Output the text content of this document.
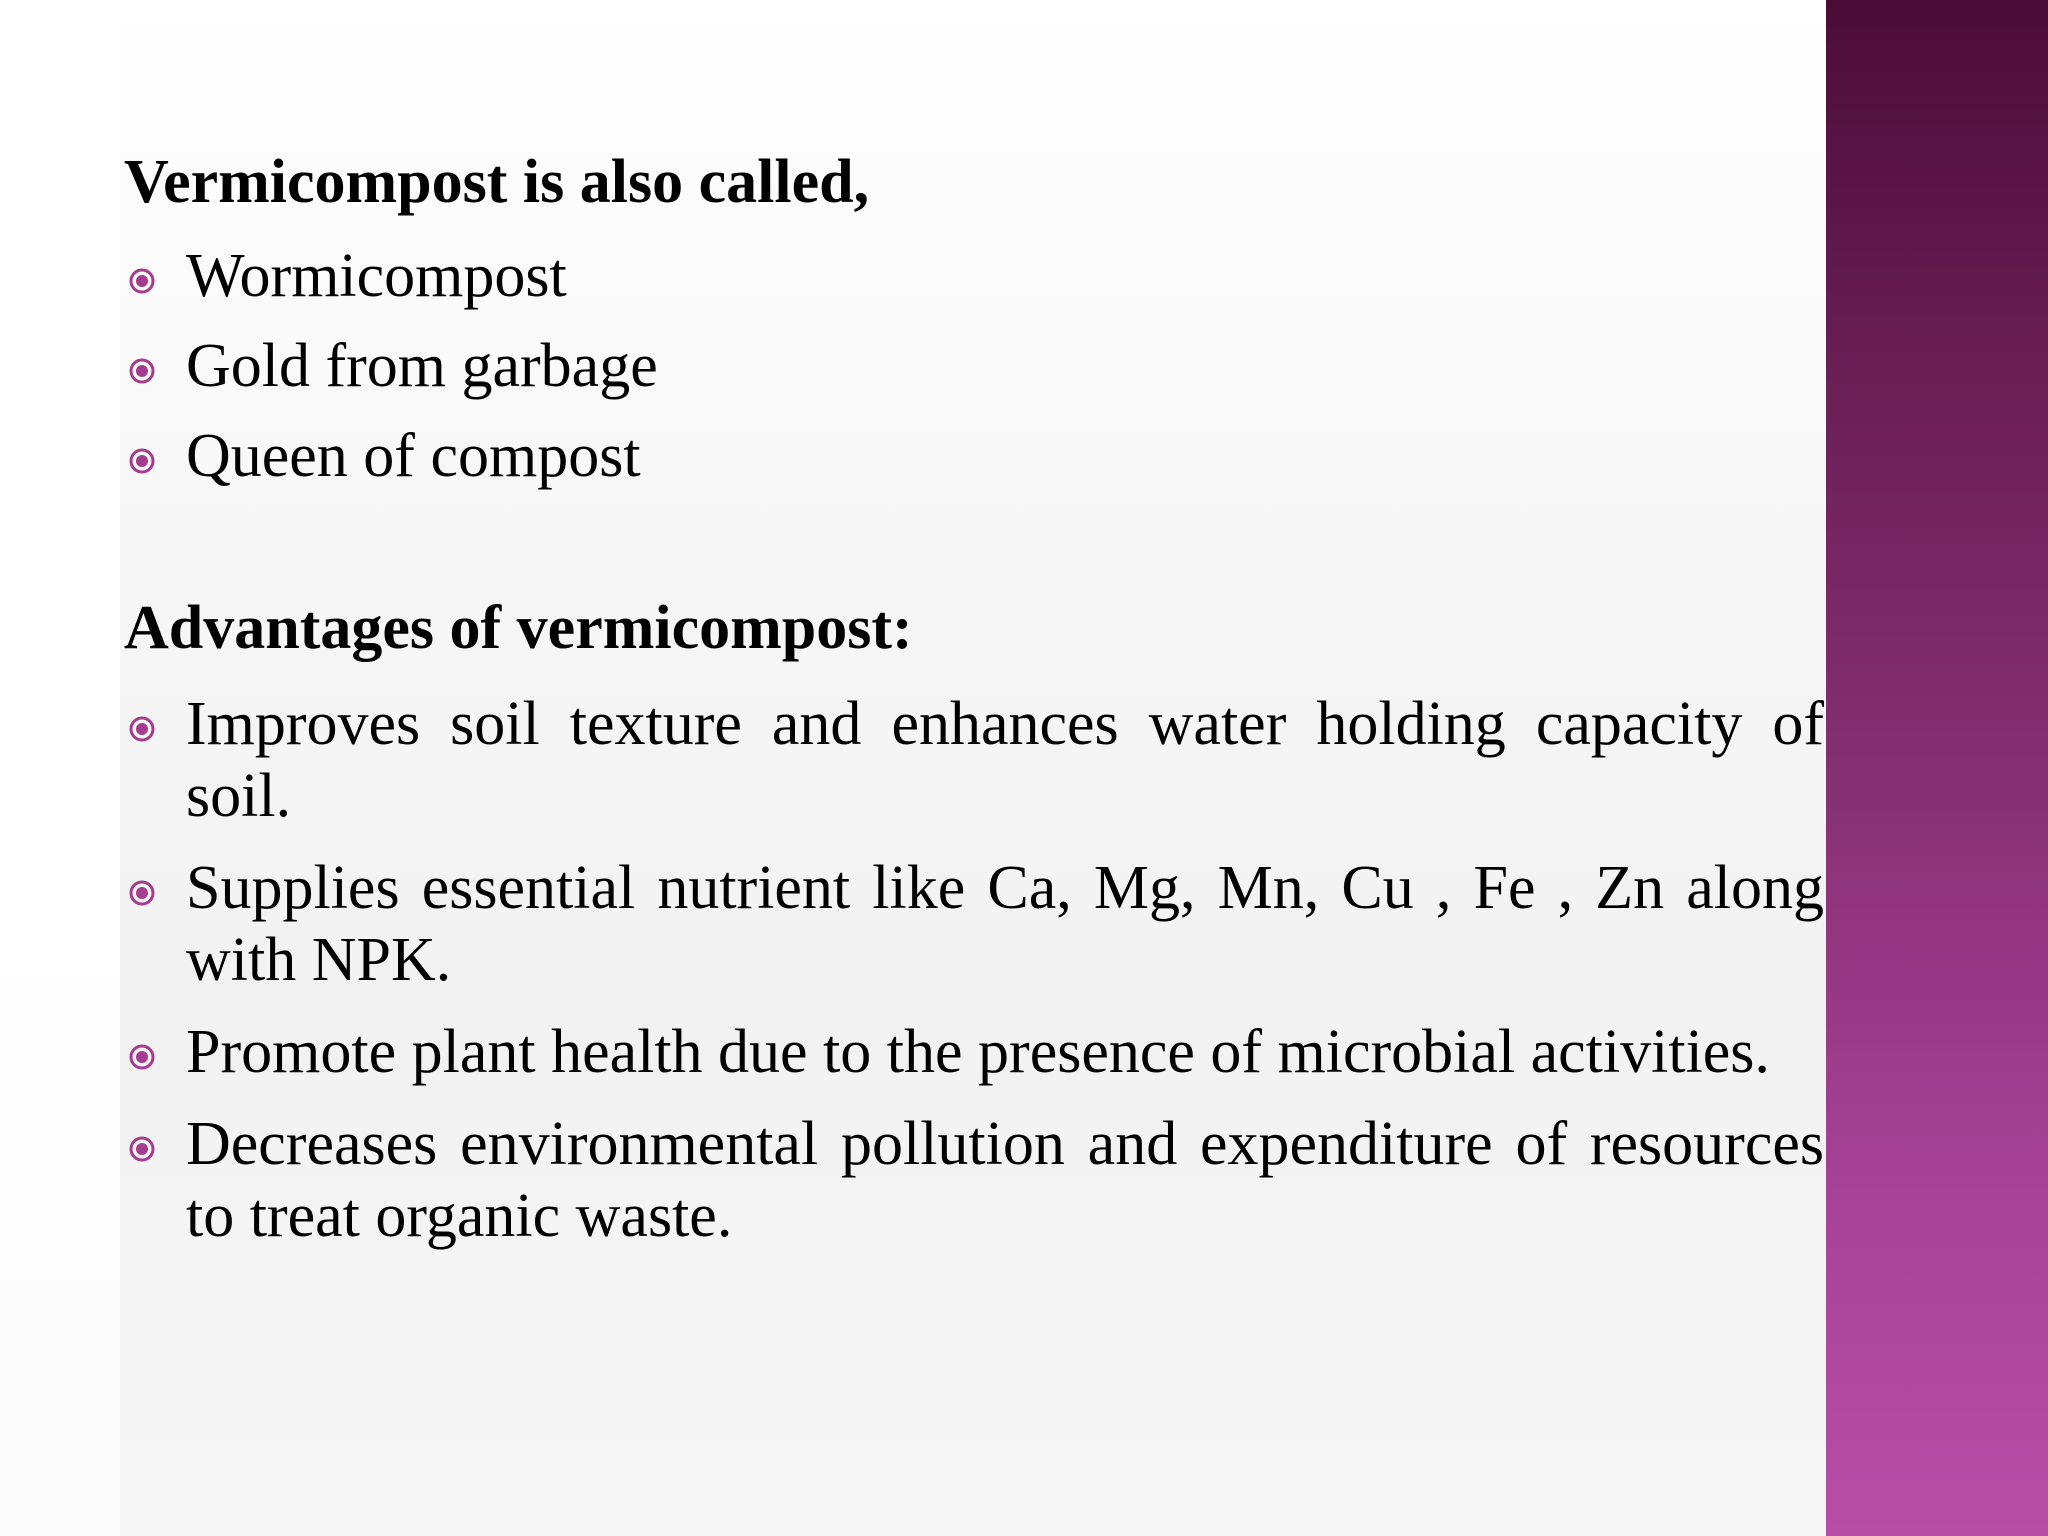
Vermicompost is also called,
Wormicompost
Gold from garbage
Queen of compost
Advantages of vermicompost:
Improves soil texture and enhances water holding capacity of soil.
Supplies essential nutrient like Ca, Mg, Mn, Cu , Fe , Zn along with NPK.
Promote plant health due to the presence of microbial activities.
Decreases environmental pollution and expenditure of resources to treat organic waste.
